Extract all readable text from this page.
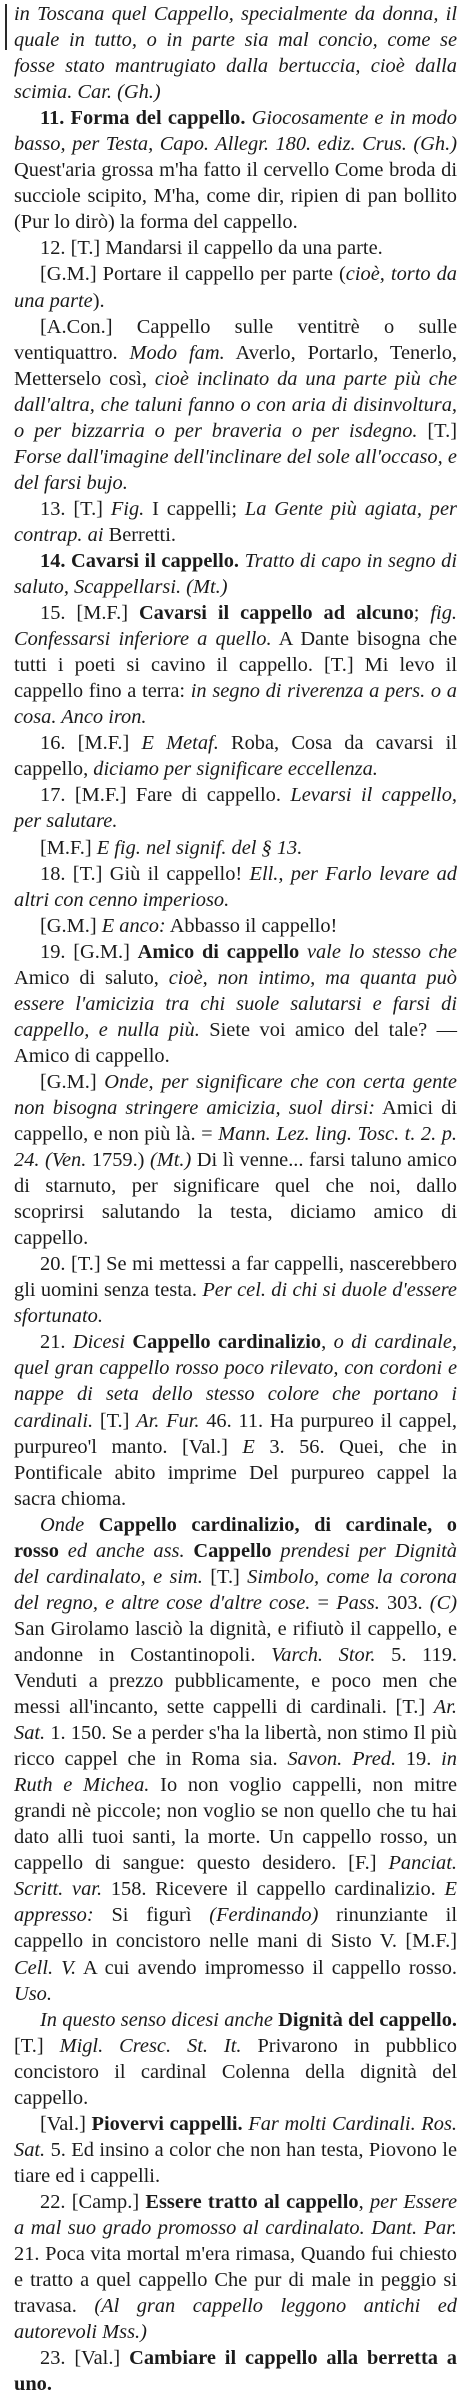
in Toscana quel Cappello, specialmente da donna, il quale in tutto, o in parte sia mal concio, come se fosse stato mantrugiato dalla bertuccia, cioè dalla scimia. Car. (Gh.)

11. Forma del cappello. Giocosamente e in modo basso, per Testa, Capo. Allegr. 180. ediz. Crus. (Gh.) Quest'aria grossa m'ha fatto il cervello Come broda di succiole scipito, M'ha, come dir, ripien di pan bollito (Pur lo dirò) la forma del cappello.

12. [T.] Mandarsi il cappello da una parte.

[G.M.] Portare il cappello per parte (cioè, torto da una parte).

[A.Con.] Cappello sulle ventitrè o sulle ventiquattro. Modo fam. Averlo, Portarlo, Tenerlo, Metterselo così, cioè inclinato da una parte più che dall'altra, che taluni fanno o con aria di disinvoltura, o per bizzarria o per braveria o per isdegno. [T.] Forse dall'imagine dell'inclinare del sole all'occaso, e del farsi bujo.

13. [T.] Fig. I cappelli; La Gente più agiata, per contrap. ai Berretti.

14. Cavarsi il cappello. Tratto di capo in segno di saluto, Scappellarsi. (Mt.)

15. [M.F.] Cavarsi il cappello ad alcuno; fig. Confessarsi inferiore a quello. A Dante bisogna che tutti i poeti si cavino il cappello. [T.] Mi levo il cappello fino a terra: in segno di riverenza a pers. o a cosa. Anco iron.

16. [M.F.] E Metaf. Roba, Cosa da cavarsi il cappello, diciamo per significare eccellenza.

17. [M.F.] Fare di cappello. Levarsi il cappello, per salutare.

[M.F.] E fig. nel signif. del § 13.

18. [T.] Giù il cappello! Ell., per Farlo levare ad altri con cenno imperioso.

[G.M.] E anco: Abbasso il cappello!

19. [G.M.] Amico di cappello vale lo stesso che Amico di saluto, cioè, non intimo, ma quanta può essere l'amicizia tra chi suole salutarsi e farsi di cappello, e nulla più. Siete voi amico del tale? — Amico di cappello.

[G.M.] Onde, per significare che con certa gente non bisogna stringere amicizia, suol dirsi: Amici di cappello, e non più là. = Mann. Lez. ling. Tosc. t. 2. p. 24. (Ven. 1759.) (Mt.) Di lì venne... farsi taluno amico di starnuto, per significare quel che noi, dallo scoprirsi salutando la testa, diciamo amico di cappello.

20. [T.] Se mi mettessi a far cappelli, nascerebbero gli uomini senza testa. Per cel. di chi si duole d'essere sfortunato.

21. Dicesi Cappello cardinalizio, o di cardinale, quel gran cappello rosso poco rilevato, con cordoni e nappe di seta dello stesso colore che portano i cardinali. [T.] Ar. Fur. 46. 11. Ha purpureo il cappel, purpureo'l manto. [Val.] E 3. 56. Quei, che in Pontificale abito imprime Del purpureo cappel la sacra chioma.

Onde Cappello cardinalizio, di cardinale, o rosso ed anche ass. Cappello prendesi per Dignità del cardinalato, e sim. [T.] Simbolo, come la corona del regno, e altre cose d'altre cose. = Pass. 303. (C) San Girolamo lasciò la dignità, e rifiutò il cappello, e andonne in Costantinopoli. Varch. Stor. 5. 119. Venduti a prezzo pubblicamente, e poco men che messi all'incanto, sette cappelli di cardinali. [T.] Ar. Sat. 1. 150. Se a perder s'ha la libertà, non stimo Il più ricco cappel che in Roma sia. Savon. Pred. 19. in Ruth e Michea. Io non voglio cappelli, non mitre grandi nè piccole; non voglio se non quello che tu hai dato alli tuoi santi, la morte. Un cappello rosso, un cappello di sangue: questo desidero. [F.] Panciat. Scritt. var. 158. Ricevere il cappello cardinalizio. E appresso: Si figurì (Ferdinando) rinunziante il cappello in concistoro nelle mani di Sisto V. [M.F.] Cell. V. A cui avendo impromesso il cappello rosso. Uso.

In questo senso dicesi anche Dignità del cappello. [T.] Migl. Cresc. St. It. Privarono in pubblico concistoro il cardinal Colenna della dignità del cappello.

[Val.] Piovervi cappelli. Far molti Cardinali. Ros. Sat. 5. Ed insino a color che non han testa, Piovono le tiare ed i cappelli.

22. [Camp.] Essere tratto al cappello, per Essere a mal suo grado promosso al cardinalato. Dant. Par. 21. Poca vita mortal m'era rimasa, Quando fui chiesto e tratto a quel cappello Che pur di male in peggio si travasa. (Al gran cappello leggono antichi ed autorevoli Mss.)

23. [Val.] Cambiare il cappello alla berretta a uno.
